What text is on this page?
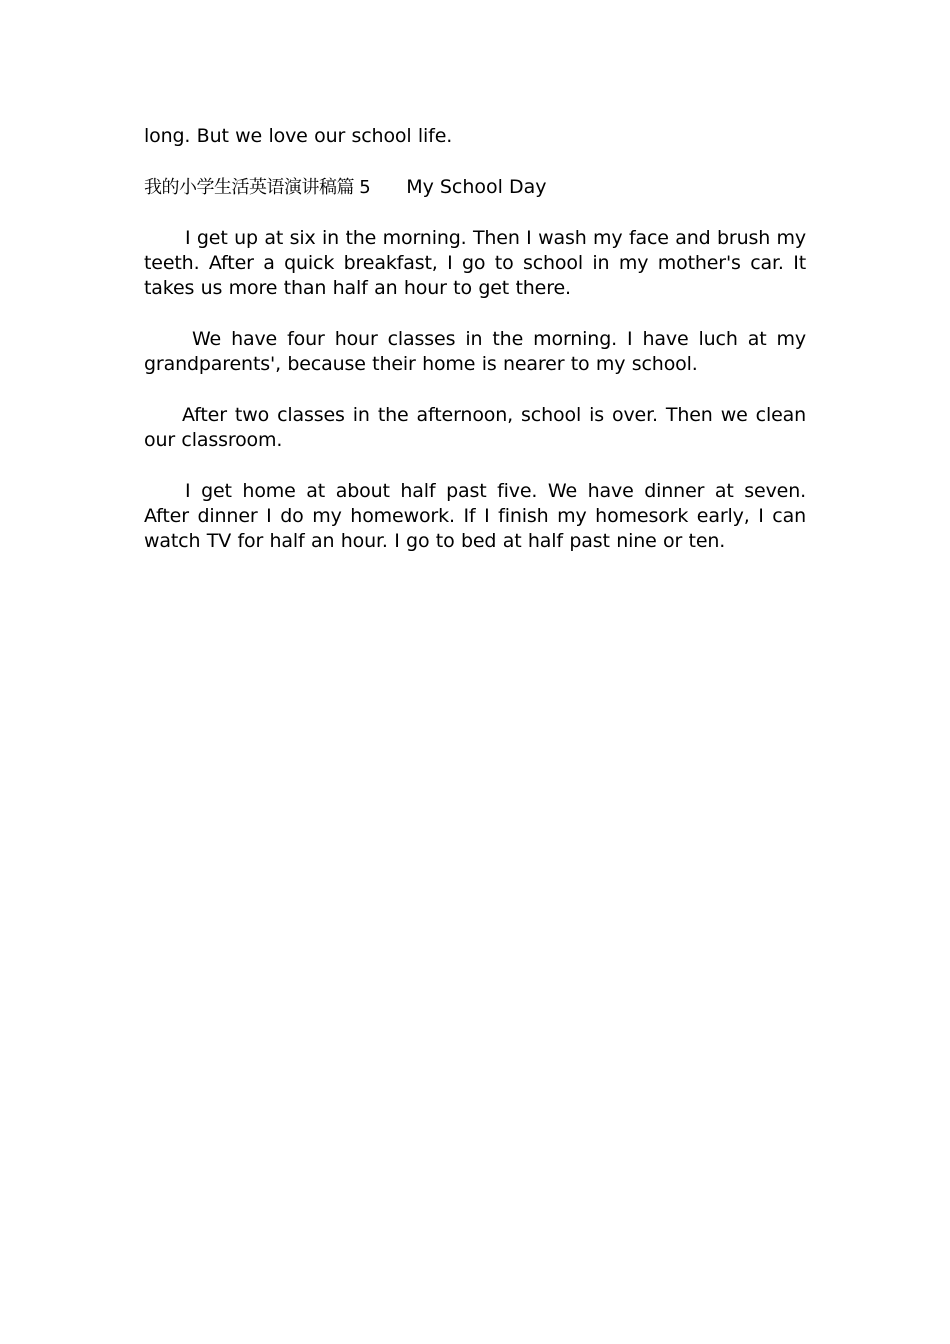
long. But we love our school life.

我的小学生活英语演讲稿篇 5 My School Day

I get up at six in the morning. Then I wash my face and brush my teeth. After a quick breakfast, I go to school in my mother's car. It takes us more than half an hour to get there.

We have four hour classes in the morning. I have luch at my grandparents', because their home is nearer to my school.

After two classes in the afternoon, school is over. Then we clean our classroom.

I get home at about half past five. We have dinner at seven. After dinner I do my homework. If I finish my homesork early, I can watch TV for half an hour. I go to bed at half past nine or ten.
